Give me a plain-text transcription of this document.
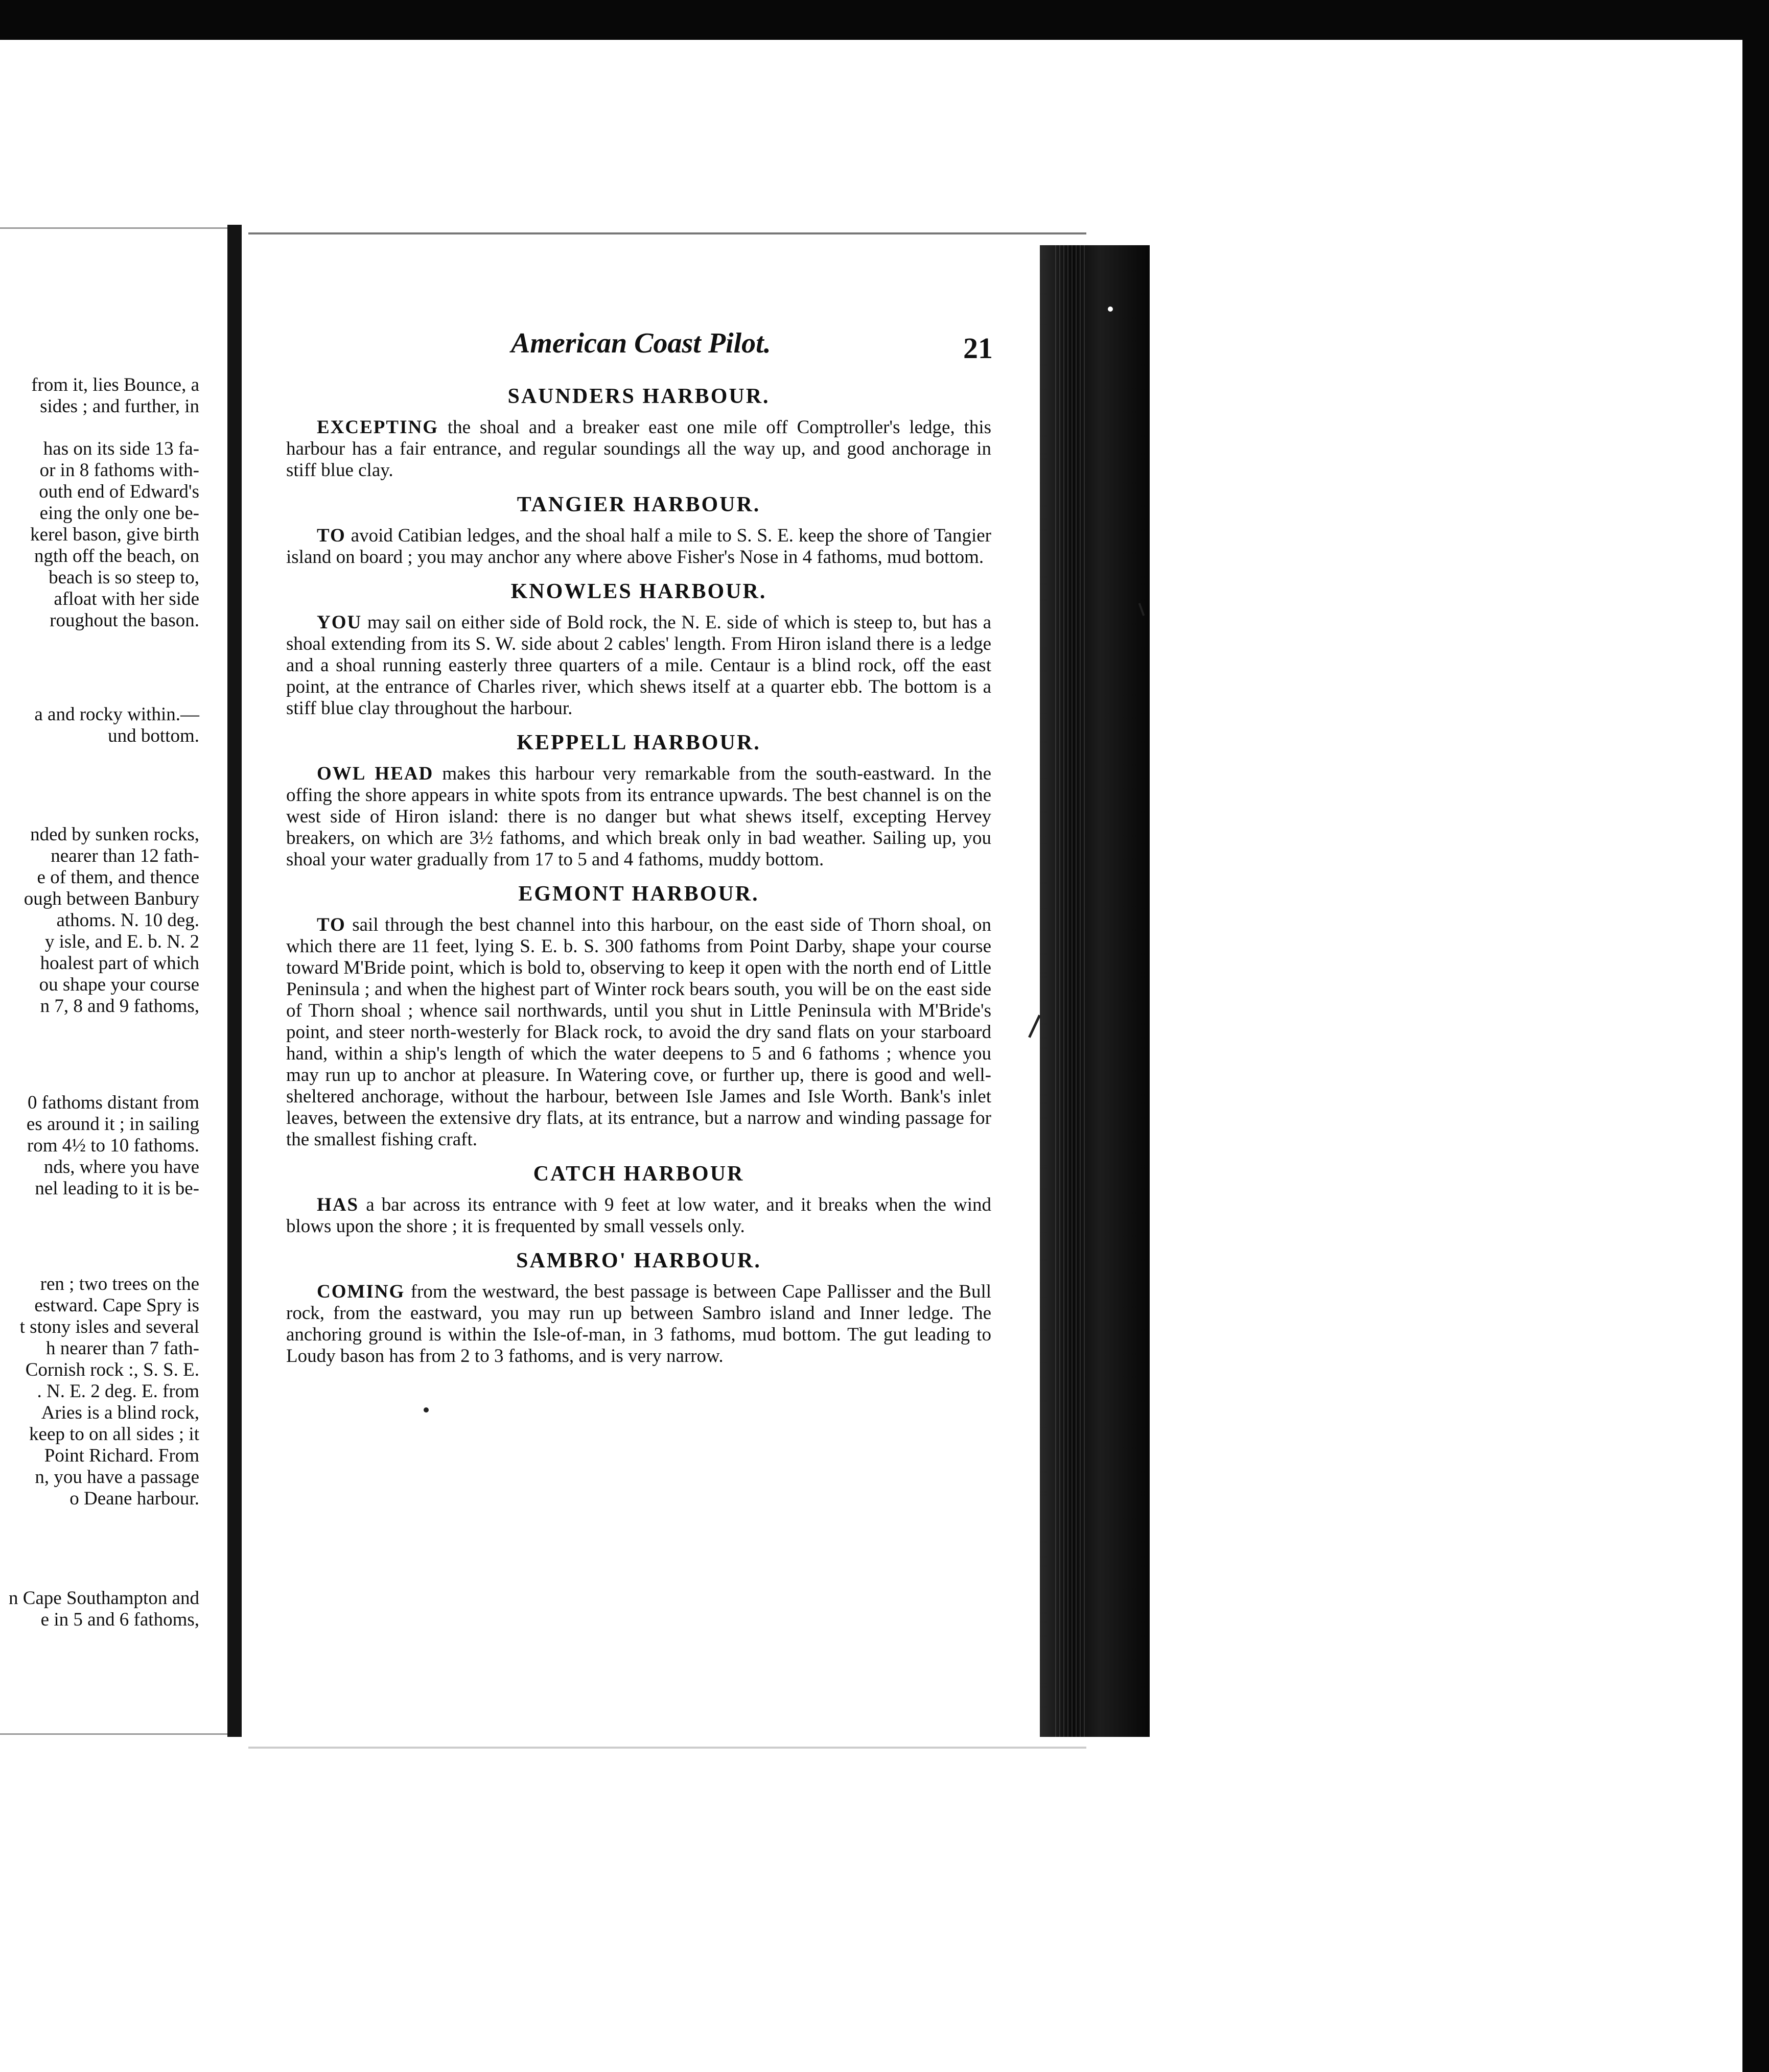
from it, lies Bounce, a
sides ; and further, in
has on its side 13 fa-
or in 8 fathoms with-
outh end of Edward's
eing the only one be-
kerel bason, give birth
ngth off the beach, on
beach is so steep to,
afloat with her side
roughout the bason.
a and rocky within.—
und bottom.
nded by sunken rocks,
nearer than 12 fath-
e of them, and thence
ough between Banbury
athoms. N. 10 deg.
y isle, and E. b. N. 2
hoalest part of which
ou shape your course
n 7, 8 and 9 fathoms,
0 fathoms distant from
es around it ; in sailing
rom 4½ to 10 fathoms.
nds, where you have
nel leading to it is be-
ren ; two trees on the
estward. Cape Spry is
t stony isles and several
h nearer than 7 fath-
Cornish rock :, S. S. E.
. N. E. 2 deg. E. from
Aries is a blind rock,
keep to on all sides ; it
Point Richard. From
n, you have a passage
o Deane harbour.
n Cape Southampton and
e in 5 and 6 fathoms,
American Coast Pilot.	21
SAUNDERS HARBOUR.

EXCEPTING the shoal and a breaker east one mile off Comptroller's ledge, this harbour has a fair entrance, and regular soundings all the way up, and good anchorage in stiff blue clay.

TANGIER HARBOUR.

TO avoid Catibian ledges, and the shoal half a mile to S. S. E. keep the shore of Tangier island on board ; you may anchor any where above Fisher's Nose in 4 fathoms, mud bottom.

KNOWLES HARBOUR.

YOU may sail on either side of Bold rock, the N. E. side of which is steep to, but has a shoal extending from its S. W. side about 2 cables' length. From Hiron island there is a ledge and a shoal running easterly three quarters of a mile. Centaur is a blind rock, off the east point, at the entrance of Charles river, which shews itself at a quarter ebb. The bottom is a stiff blue clay throughout the harbour.

KEPPELL HARBOUR.

OWL HEAD makes this harbour very remarkable from the south-eastward. In the offing the shore appears in white spots from its entrance upwards. The best channel is on the west side of Hiron island: there is no danger but what shews itself, excepting Hervey breakers, on which are 3½ fathoms, and which break only in bad weather. Sailing up, you shoal your water gradually from 17 to 5 and 4 fathoms, muddy bottom.

EGMONT HARBOUR.

TO sail through the best channel into this harbour, on the east side of Thorn shoal, on which there are 11 feet, lying S. E. b. S. 300 fathoms from Point Darby, shape your course toward M'Bride point, which is bold to, observing to keep it open with the north end of Little Peninsula ; and when the highest part of Winter rock bears south, you will be on the east side of Thorn shoal ; whence sail northwards, until you shut in Little Peninsula with M'Bride's point, and steer north-westerly for Black rock, to avoid the dry sand flats on your starboard hand, within a ship's length of which the water deepens to 5 and 6 fathoms ; whence you may run up to anchor at pleasure. In Watering cove, or further up, there is good and well-sheltered anchorage, without the harbour, between Isle James and Isle Worth. Bank's inlet leaves, between the extensive dry flats, at its entrance, but a narrow and winding passage for the smallest fishing craft.

CATCH HARBOUR

HAS a bar across its entrance with 9 feet at low water, and it breaks when the wind blows upon the shore ; it is frequented by small vessels only.

SAMBRO' HARBOUR.

COMING from the westward, the best passage is between Cape Pallisser and the Bull rock, from the eastward, you may run up between Sambro island and Inner ledge. The anchoring ground is within the Isle-of-man, in 3 fathoms, mud bottom. The gut leading to Loudy bason has from 2 to 3 fathoms, and is very narrow.
